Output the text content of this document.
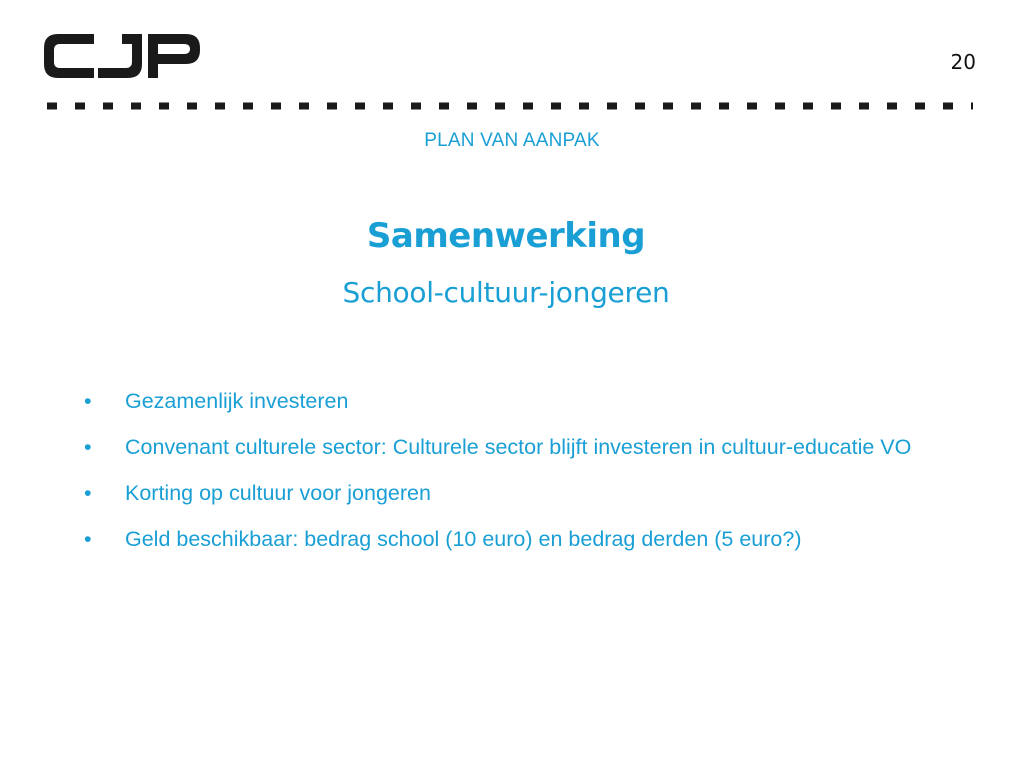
20
PLAN VAN AANPAK
Samenwerking
School-cultuur-jongeren
• Gezamenlijk investeren
• Convenant culturele sector: Culturele sector blijft investeren in cultuur-educatie VO
• Korting op cultuur voor jongeren
• Geld beschikbaar: bedrag school (10 euro) en bedrag derden (5 euro?)
